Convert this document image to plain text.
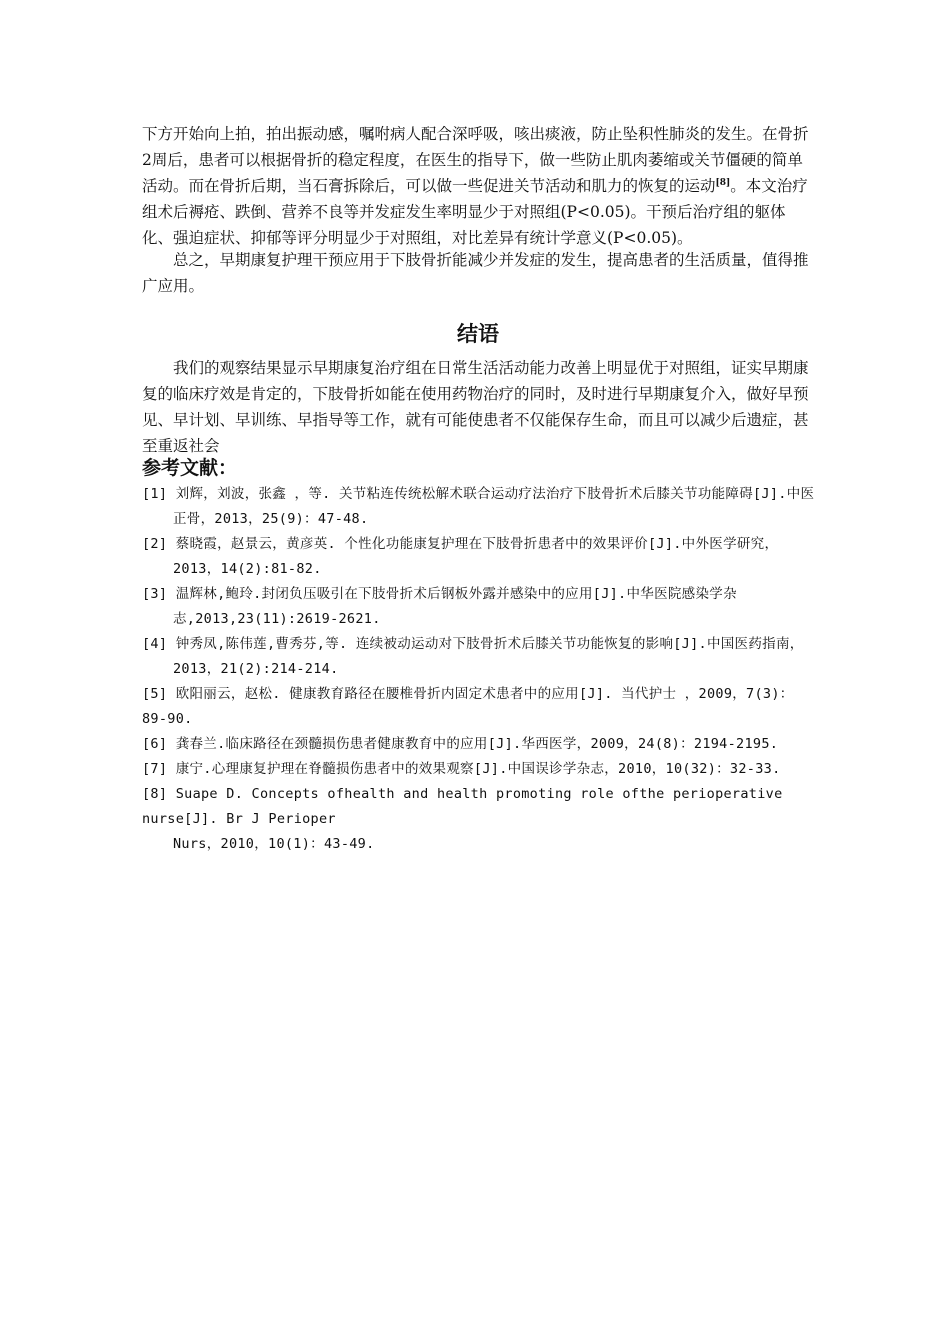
下方开始向上拍，拍出振动感，嘱咐病人配合深呼吸，咳出痰液，防止坠积性肺炎的发生。在骨折2周后，患者可以根据骨折的稳定程度，在医生的指导下，做一些防止肌肉萎缩或关节僵硬的简单活动。而在骨折后期，当石膏拆除后，可以做一些促进关节活动和肌力的恢复的运动[8]。本文治疗组术后褥疮、跌倒、营养不良等并发症发生率明显少于对照组(P<0.05)。干预后治疗组的躯体化、强迫症状、抑郁等评分明显少于对照组，对比差异有统计学意义(P<0.05)。

总之，早期康复护理干预应用于下肢骨折能减少并发症的发生，提高患者的生活质量，值得推广应用。

结语

我们的观察结果显示早期康复治疗组在日常生活活动能力改善上明显优于对照组，证实早期康复的临床疗效是肯定的，下肢骨折如能在使用药物治疗的同时，及时进行早期康复介入，做好早预见、早计划、早训练、早指导等工作，就有可能使患者不仅能保存生命，而且可以减少后遗症，甚至重返社会

参考文献：
[1] 刘辉，刘波，张鑫 ，等. 关节粘连传统松解术联合运动疗法治疗下肢骨折术后膝关节功能障碍[J].中医正骨，2013，25(9)：47-48.
[2] 蔡晓霞，赵景云，黄彦英. 个性化功能康复护理在下肢骨折患者中的效果评价[J].中外医学研究，2013，14(2):81-82.
[3] 温辉林,鲍玲.封闭负压吸引在下肢骨折术后钢板外露并感染中的应用[J].中华医院感染学杂志,2013,23(11):2619-2621.
[4] 钟秀凤,陈伟莲,曹秀芬,等. 连续被动运动对下肢骨折术后膝关节功能恢复的影响[J].中国医药指南，2013，21(2):214-214.
[5] 欧阳丽云，赵松. 健康教育路径在腰椎骨折内固定术患者中的应用[J]. 当代护士 ，2009，7(3)：89-90.
[6] 龚春兰.临床路径在颈髓损伤患者健康教育中的应用[J].华西医学，2009，24(8)：2194-2195.
[7] 康宁.心理康复护理在脊髓损伤患者中的效果观察[J].中国误诊学杂志，2010，10(32)：32-33.
[8] Suape D. Concepts ofhealth and health promoting role ofthe perioperative nurse[J]. Br J Perioper
Nurs，2010，10(1)：43-49.
